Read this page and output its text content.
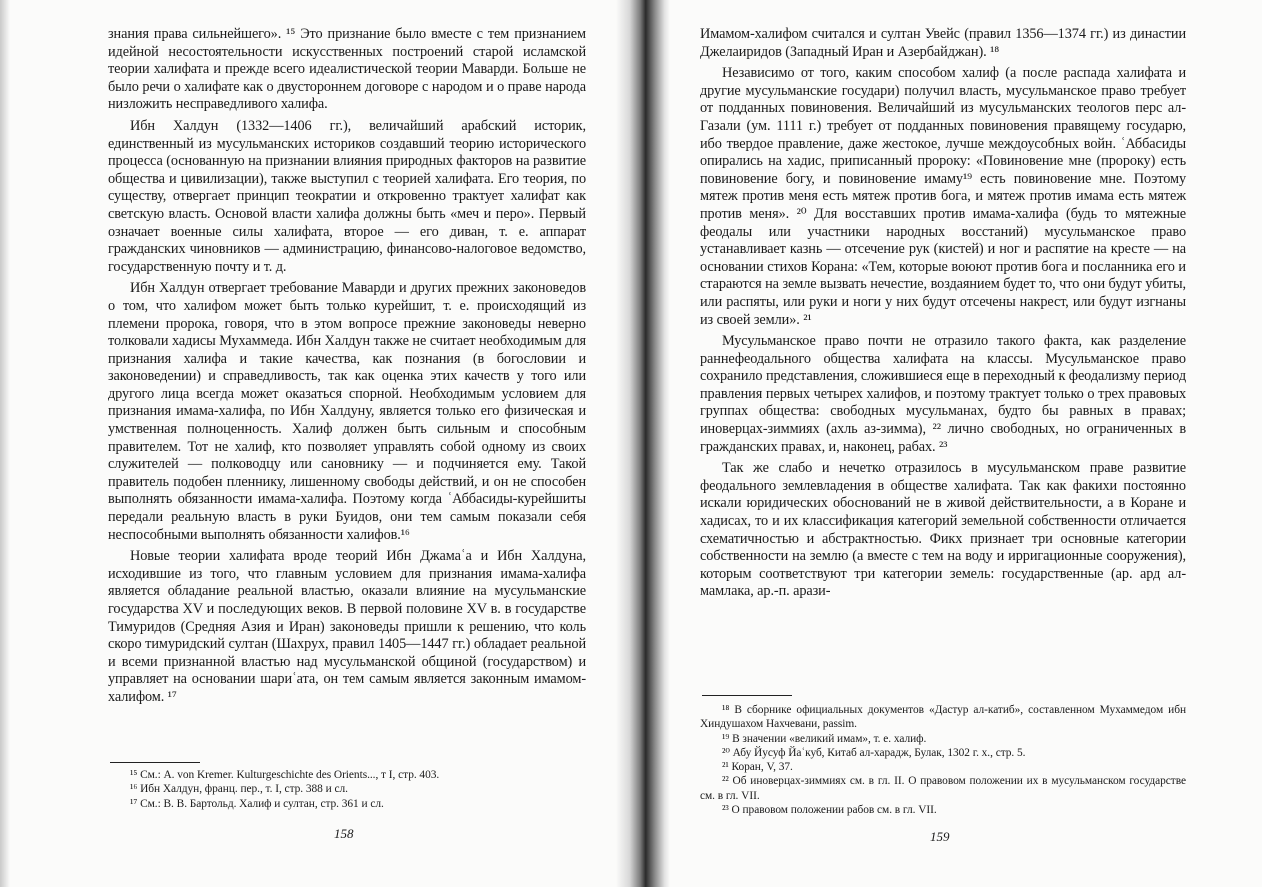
знания права сильнейшего». ¹⁵ Это признание было вместе с тем признанием идейной несостоятельности искусственных построений старой исламской теории халифата и прежде всего идеалистической теории Маварди. Больше не было речи о халифате как о двустороннем договоре с народом и о праве народа низложить несправедливого халифа.

Ибн Халдун (1332—1406 гг.), величайший арабский историк, единственный из мусульманских историков создавший теорию исторического процесса (основанную на признании влияния природных факторов на развитие общества и цивилизации), также выступил с теорией халифата. Его теория, по существу, отвергает принцип теократии и откровенно трактует халифат как светскую власть. Основой власти халифа должны быть «меч и перо». Первый означает военные силы халифата, второе — его диван, т. е. аппарат гражданских чиновников — администрацию, финансово-налоговое ведомство, государственную почту и т. д.

Ибн Халдун отвергает требование Маварди и других прежних законоведов о том, что халифом может быть только курейшит, т. е. происходящий из племени пророка, говоря, что в этом вопросе прежние законоведы неверно толковали хадисы Мухаммеда. Ибн Халдун также не считает необходимым для признания халифа и такие качества, как познания (в богословии и законоведении) и справедливость, так как оценка этих качеств у того или другого лица всегда может оказаться спорной. Необходимым условием для признания имама-халифа, по Ибн Халдуну, является только его физическая и умственная полноценность. Халиф должен быть сильным и способным правителем. Тот не халиф, кто позволяет управлять собой одному из своих служителей — полководцу или сановнику — и подчиняется ему. Такой правитель подобен пленнику, лишенному свободы действий, и он не способен выполнять обязанности имама-халифа. Поэтому когда ʿАббасиды-курейшиты передали реальную власть в руки Буидов, они тем самым показали себя неспособными выполнять обязанности халифов.¹⁶

Новые теории халифата вроде теорий Ибн Джамаʿа и Ибн Халдуна, исходившие из того, что главным условием для признания имама-халифа является обладание реальной властью, оказали влияние на мусульманские государства XV и последующих веков. В первой половине XV в. в государстве Тимуридов (Средняя Азия и Иран) законоведы пришли к решению, что коль скоро тимуридский султан (Шахрух, правил 1405—1447 гг.) обладает реальной и всеми признанной властью над мусульманской общиной (государством) и управляет на основании шариʿата, он тем самым является законным имамом-халифом. ¹⁷

¹⁵ См.: A. von Kremer. Kulturgeschichte des Orients..., т I, стр. 403.

¹⁶ Ибн Халдун, франц. пер., т. I, стр. 388 и сл.

¹⁷ См.: В. В. Бартольд. Халиф и султан, стр. 361 и сл.

158

Имамом-халифом считался и султан Увейс (правил 1356—1374 гг.) из династии Джелаиридов (Западный Иран и Азербайджан). ¹⁸

Независимо от того, каким способом халиф (а после распада халифата и другие мусульманские государи) получил власть, мусульманское право требует от подданных повиновения. Величайший из мусульманских теологов перс ал-Газали (ум. 1111 г.) требует от подданных повиновения правящему государю, ибо твердое правление, даже жестокое, лучше междоусобных войн. ʿАббасиды опирались на хадис, приписанный пророку: «Повиновение мне (пророку) есть повиновение богу, и повиновение имаму¹⁹ есть повиновение мне. Поэтому мятеж против меня есть мятеж против бога, и мятеж против имама есть мятеж против меня». ²⁰ Для восставших против имама-халифа (будь то мятежные феодалы или участники народных восстаний) мусульманское право устанавливает казнь — отсечение рук (кистей) и ног и распятие на кресте — на основании стихов Корана: «Тем, которые воюют против бога и посланника его и стараются на земле вызвать нечестие, воздаянием будет то, что они будут убиты, или распяты, или руки и ноги у них будут отсечены накрест, или будут изгнаны из своей земли». ²¹

Мусульманское право почти не отразило такого факта, как разделение раннефеодального общества халифата на классы. Мусульманское право сохранило представления, сложившиеся еще в переходный к феодализму период правления первых четырех халифов, и поэтому трактует только о трех правовых группах общества: свободных мусульманах, будто бы равных в правах; иноверцах-зиммиях (ахль аз-зимма), ²² лично свободных, но ограниченных в гражданских правах, и, наконец, рабах. ²³

Так же слабо и нечетко отразилось в мусульманском праве развитие феодального землевладения в обществе халифата. Так как факихи постоянно искали юридических обоснований не в живой действительности, а в Коране и хадисах, то и их классификация категорий земельной собственности отличается схематичностью и абстрактностью. Фикх признает три основные категории собственности на землю (а вместе с тем на воду и ирригационные сооружения), которым соответствуют три категории земель: государственные (ар. ард ал-мамлака, ар.-п. арази-

¹⁸ В сборнике официальных документов «Дастур ал-катиб», составленном Мухаммедом ибн Хиндушахом Нахчевани, passim.

¹⁹ В значении «великий имам», т. е. халиф.

²⁰ Абу Йусуф Йаʿкуб, Китаб ал-харадж, Булак, 1302 г. х., стр. 5.

²¹ Коран, V, 37.

²² Об иноверцах-зиммиях см. в гл. II. О правовом положении их в мусульманском государстве см. в гл. VII.

²³ О правовом положении рабов см. в гл. VII.

159
